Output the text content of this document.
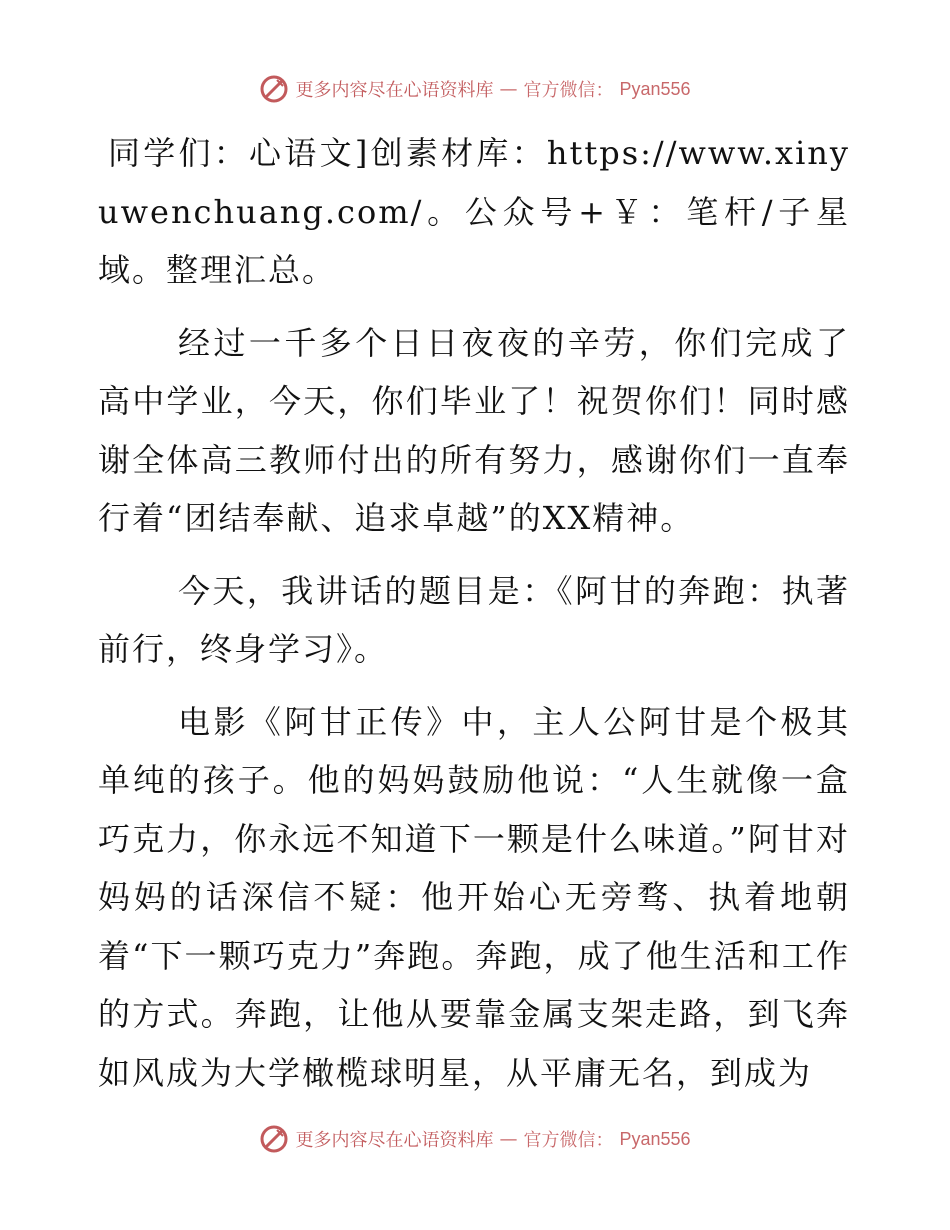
更多内容尽在心语资料库 — 官方微信： Pyan556

同学们：心语文]创素材库：https://www.xinyuwenchuang.com/。公众号+￥：笔杆/子星域。整理汇总。

经过一千多个日日夜夜的辛劳，你们完成了高中学业，今天，你们毕业了！祝贺你们！同时感谢全体高三教师付出的所有努力，感谢你们一直奉行着“团结奉献、追求卓越”的XX精神。

今天，我讲话的题目是：《阿甘的奔跑：执著前行，终身学习》。

电影《阿甘正传》中，主人公阿甘是个极其单纯的孩子。他的妈妈鼓励他说：“人生就像一盒巧克力，你永远不知道下一颗是什么味道。”阿甘对妈妈的话深信不疑：他开始心无旁骛、执着地朝着“下一颗巧克力”奔跑。奔跑，成了他生活和工作的方式。奔跑，让他从要靠金属支架走路，到飞奔如风成为大学橄榄球明星，从平庸无名，到成为

更多内容尽在心语资料库 — 官方微信： Pyan556
